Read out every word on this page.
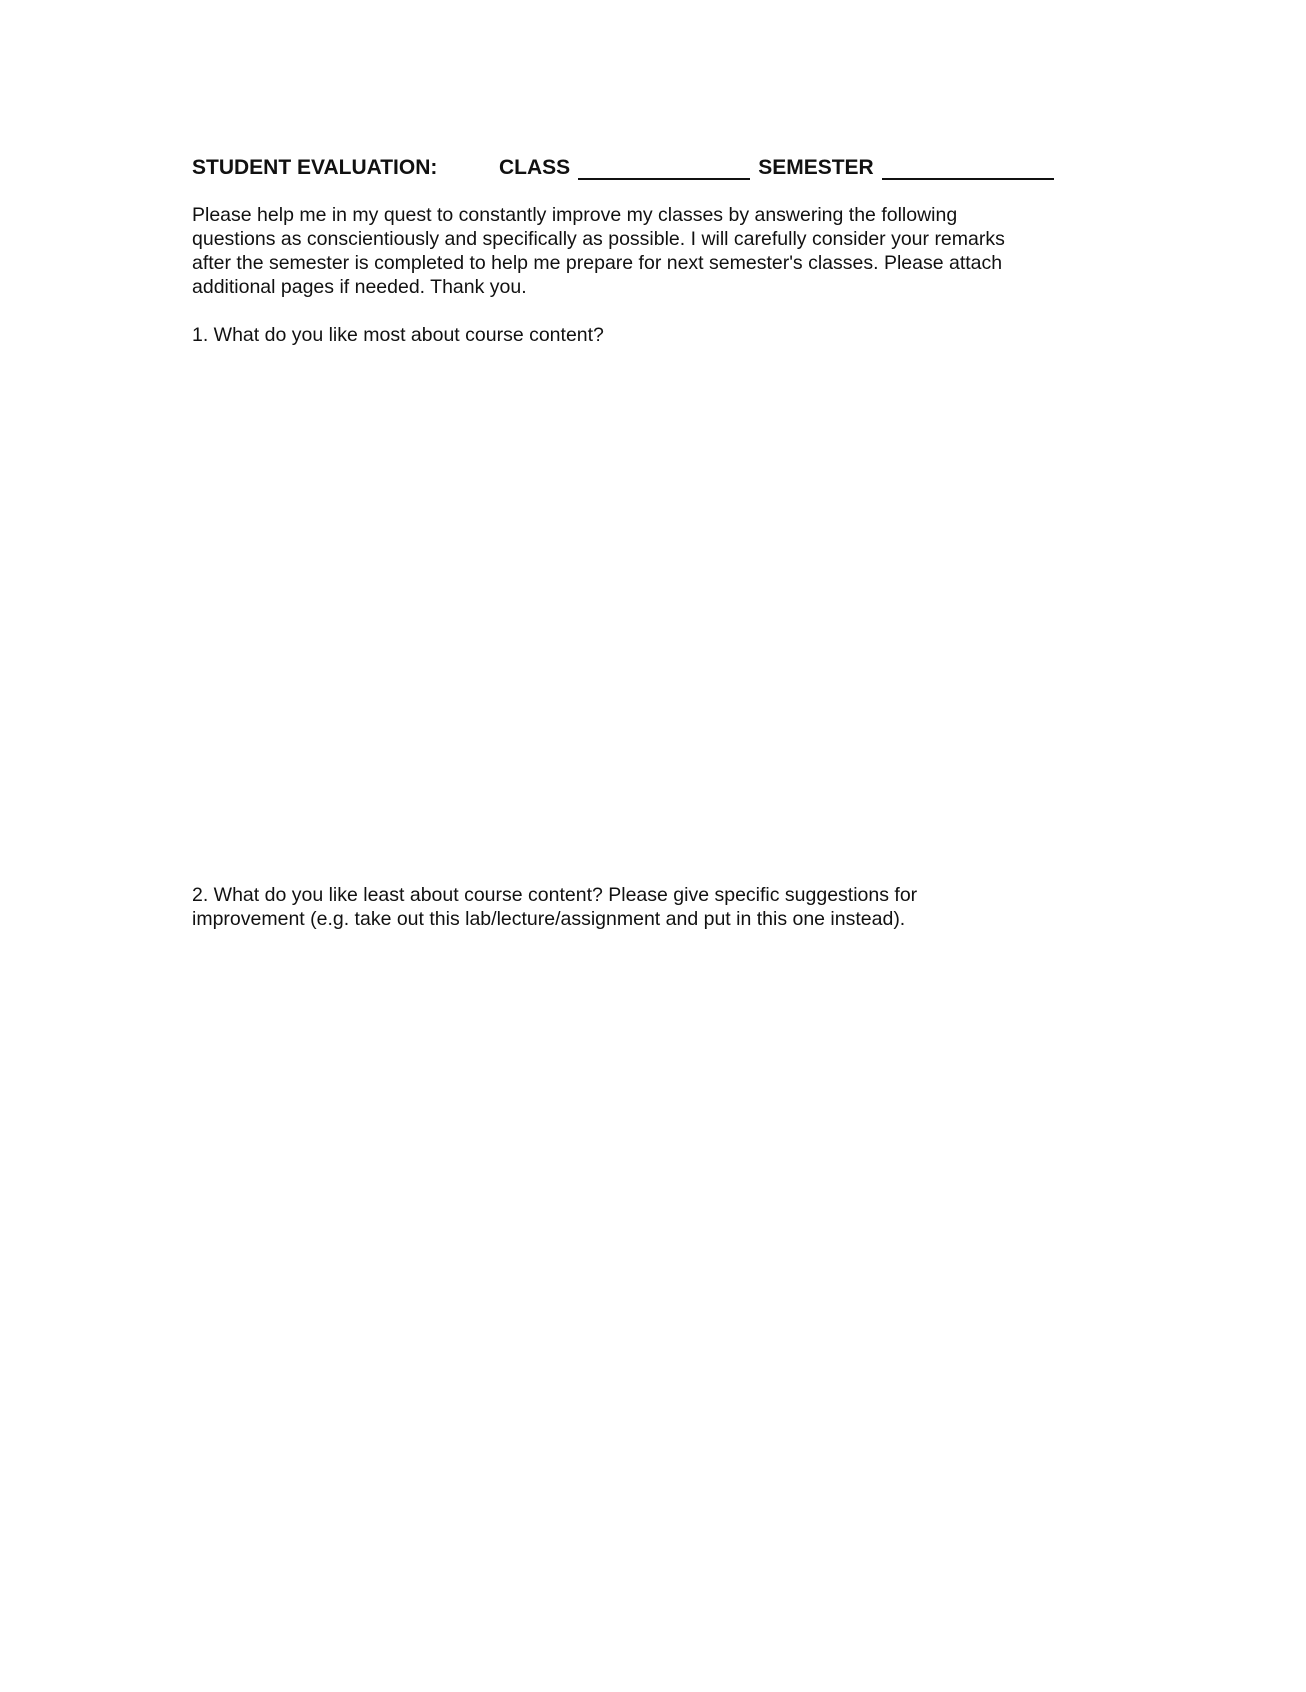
STUDENT EVALUATION:	CLASS	SEMESTER

Please help me in my quest to constantly improve my classes by answering the following
questions as conscientiously and specifically as possible. I will carefully consider your remarks
after the semester is completed to help me prepare for next semester's classes. Please attach
additional pages if needed. Thank you.

1. What do you like most about course content?

2. What do you like least about course content? Please give specific suggestions for
improvement (e.g. take out this lab/lecture/assignment and put in this one instead).
